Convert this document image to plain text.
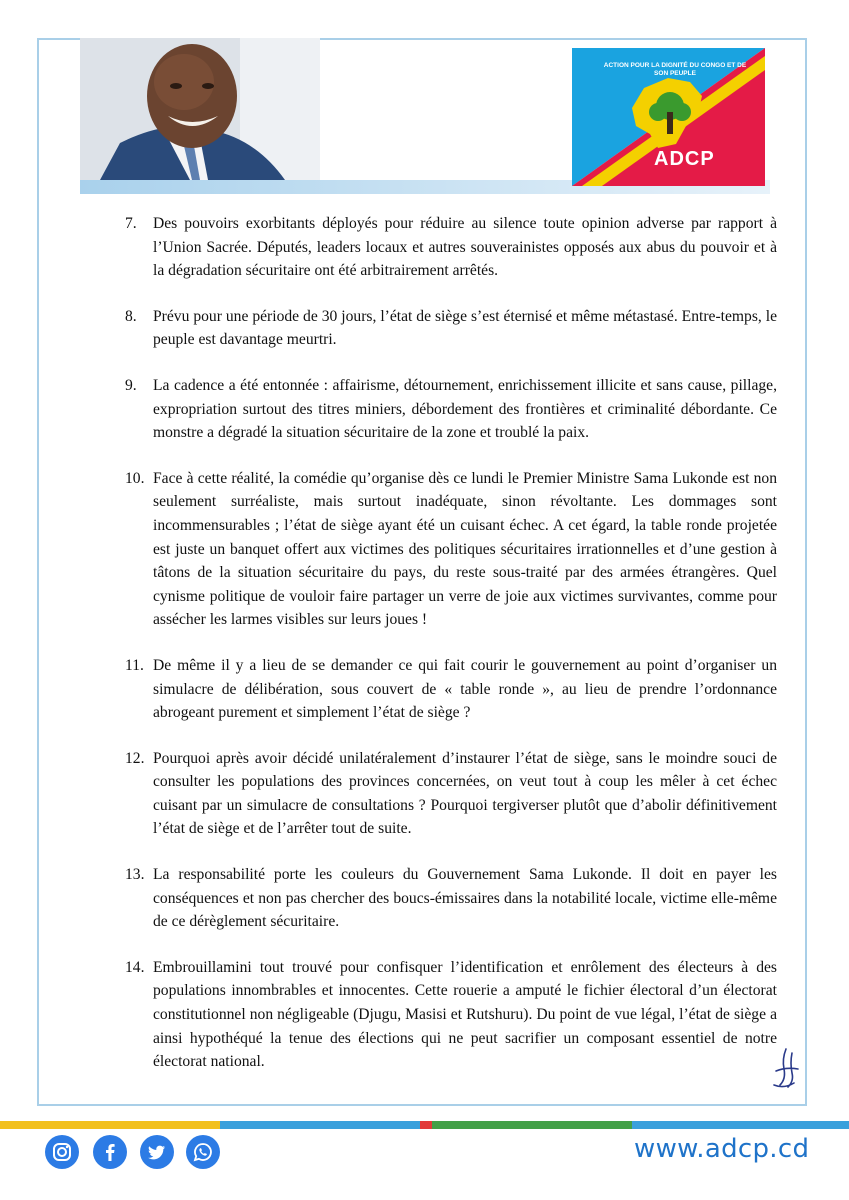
ADCP
ACTION POUR LA DIGNITÉ DU CONGO ET DE SON PEUPLE
7.	Des pouvoirs exorbitants déployés pour réduire au silence toute opinion adverse par rapport à l’Union Sacrée. Députés, leaders locaux et autres souverainistes opposés aux abus du pouvoir et à la dégradation sécuritaire ont été arbitrairement arrêtés.
8.	Prévu pour une période de 30 jours, l’état de siège s’est éternisé et même métastasé. Entre-temps, le peuple est davantage meurtri.
9.	La cadence a été entonnée : affairisme, détournement, enrichissement illicite et sans cause, pillage, expropriation surtout des titres miniers, débordement des frontières et criminalité débordante. Ce monstre a dégradé la situation sécuritaire de la zone et troublé la paix.
10. Face à cette réalité, la comédie qu’organise dès ce lundi le Premier Ministre Sama Lukonde est non seulement surréaliste, mais surtout inadéquate, sinon révoltante. Les dommages sont incommensurables ; l’état de siège ayant été un cuisant échec. A cet égard, la table ronde projetée est juste un banquet offert aux victimes des politiques sécuritaires irrationnelles et d’une gestion à tâtons de la situation sécuritaire du pays, du reste sous-traité par des armées étrangères. Quel cynisme politique de vouloir faire partager un verre de joie aux victimes survivantes, comme pour assécher les larmes visibles sur leurs joues !
11. De même il y a lieu de se demander ce qui fait courir le gouvernement au point d’organiser un simulacre de délibération, sous couvert de « table ronde », au lieu de prendre l’ordonnance abrogeant purement et simplement l’état de siège ?
12. Pourquoi après avoir décidé unilatéralement d’instaurer l’état de siège, sans le moindre souci de consulter les populations des provinces concernées, on veut tout à coup les mêler à cet échec cuisant par un simulacre de consultations ? Pourquoi tergiverser plutôt que d’abolir définitivement l’état de siège et de l’arrêter tout de suite.
13. La responsabilité porte les couleurs du Gouvernement Sama Lukonde. Il doit en payer les conséquences et non pas chercher des boucs-émissaires dans la notabilité locale, victime elle-même de ce dérèglement sécuritaire.
14. Embrouillamini tout trouvé pour confisquer l’identification et enrôlement des électeurs à des populations innombrables et innocentes. Cette rouerie a amputé le fichier électoral d’un électorat constitutionnel non négligeable (Djugu, Masisi et Rutshuru). Du point de vue légal, l’état de siège a ainsi hypothéqué la tenue des élections qui ne peut sacrifier un composant essentiel de notre électorat national.
www.adcp.cd
